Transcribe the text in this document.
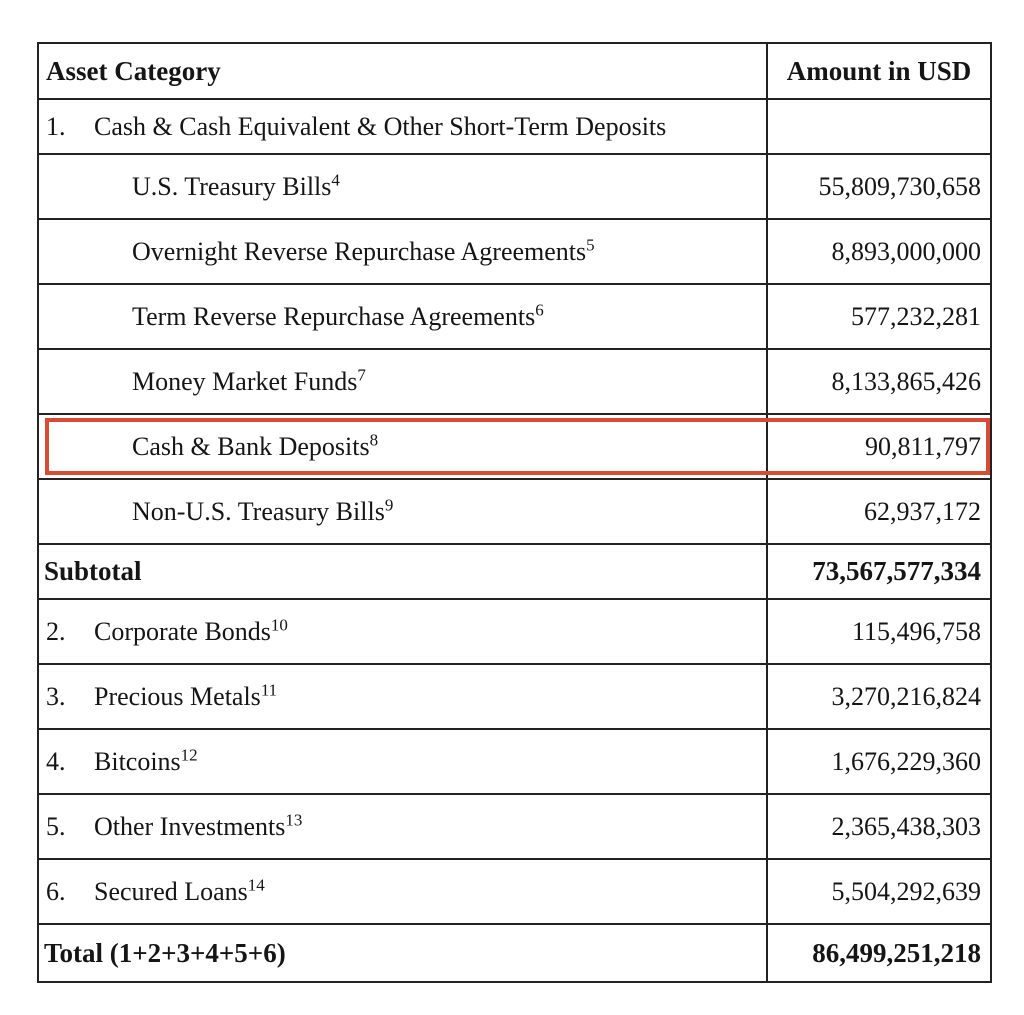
Asset Category	Amount in USD
1. Cash & Cash Equivalent & Other Short-Term Deposits	
U.S. Treasury Bills$^4$	55,809,730,658
Overnight Reverse Repurchase Agreements$^5$	8,893,000,000
Term Reverse Repurchase Agreements$^6$	577,232,281
Money Market Funds$^7$	8,133,865,426
Cash & Bank Deposits$^8$	90,811,797
Non-U.S. Treasury Bills$^9$	62,937,172
Subtotal	73,567,577,334
2. Corporate Bonds$^{10}$	115,496,758
3. Precious Metals$^{11}$	3,270,216,824
4. Bitcoins$^{12}$	1,676,229,360
5. Other Investments$^{13}$	2,365,438,303
6. Secured Loans$^{14}$	5,504,292,639
Total (1+2+3+4+5+6)	86,499,251,218
